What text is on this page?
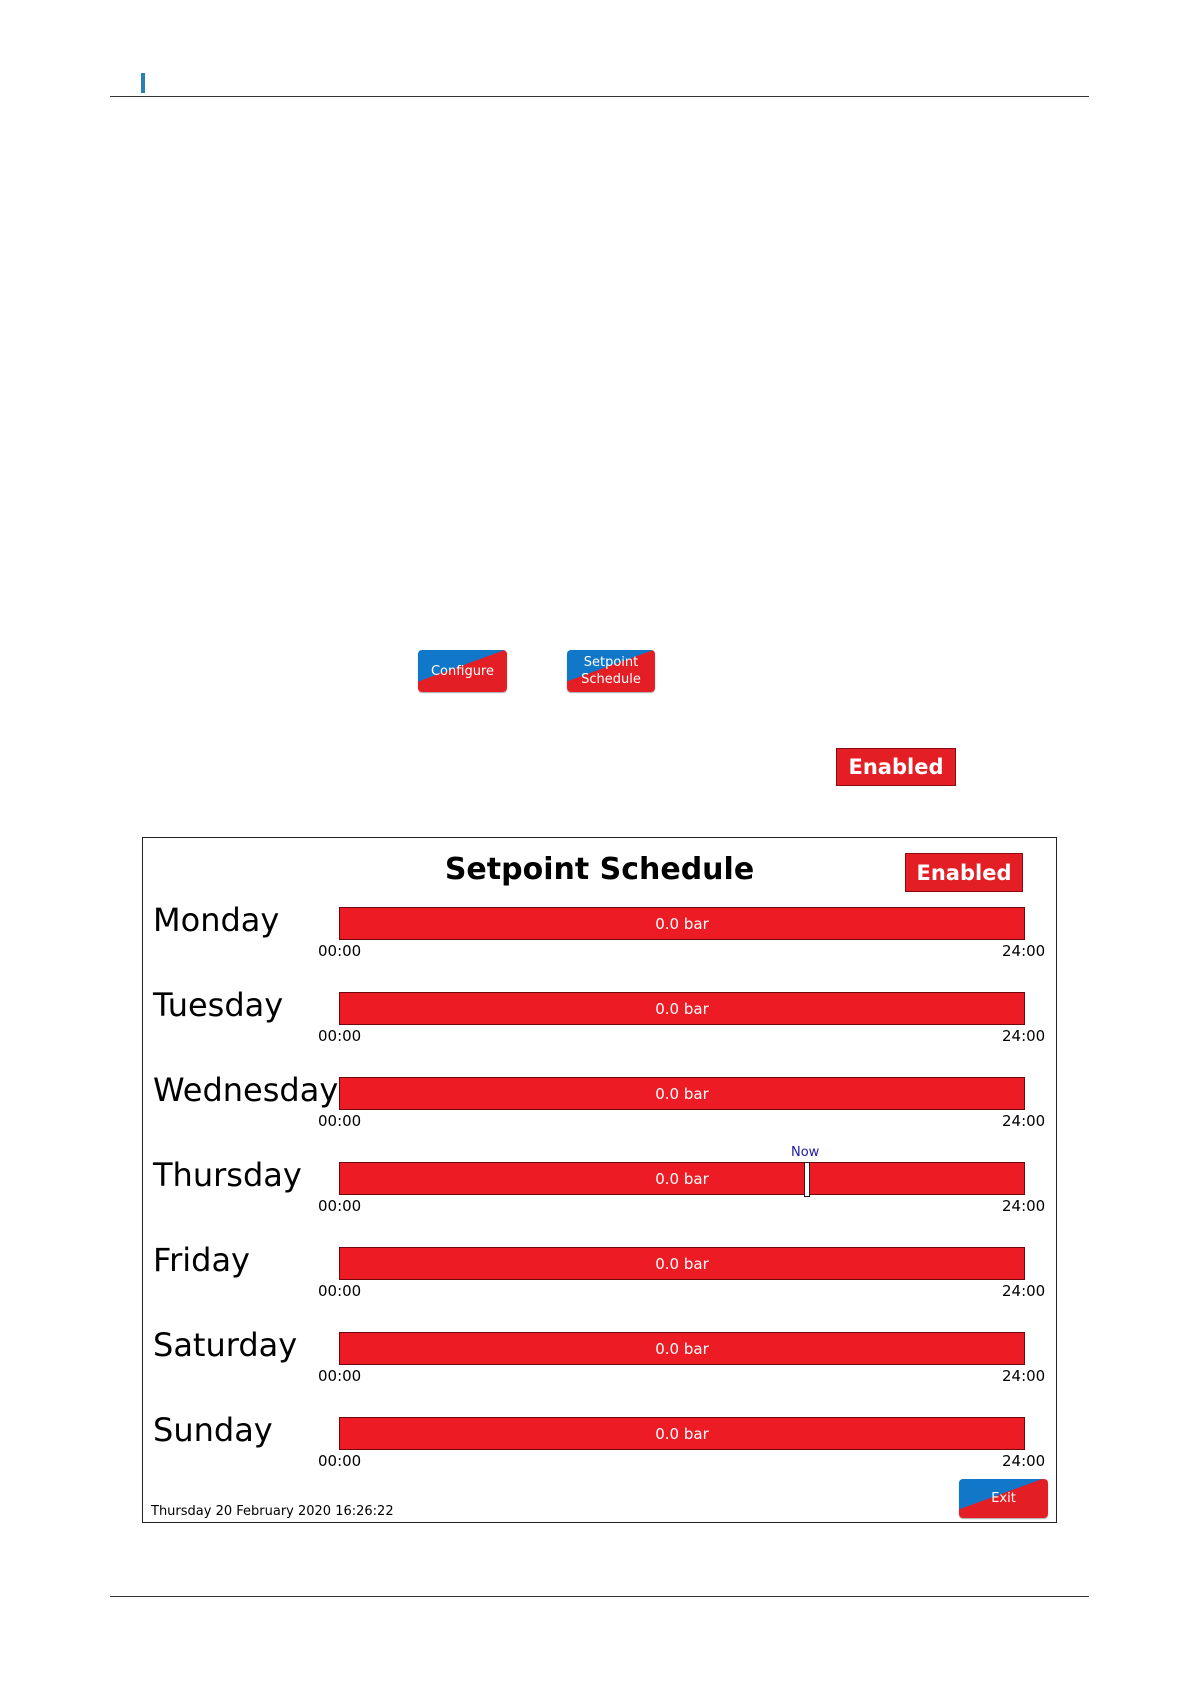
Configure
Setpoint
Schedule
Enabled
Setpoint Schedule	Enabled
Monday	0.0 bar
00:00	24:00
Tuesday	0.0 bar
00:00	24:00
Wednesday	0.0 bar
00:00	24:00
Thursday	0.0 bar
00:00	24:00
Now
Friday	0.0 bar
00:00	24:00
Saturday	0.0 bar
00:00	24:00
Sunday	0.0 bar
00:00	24:00
Thursday 20 February 2020 16:26:22
Exit
